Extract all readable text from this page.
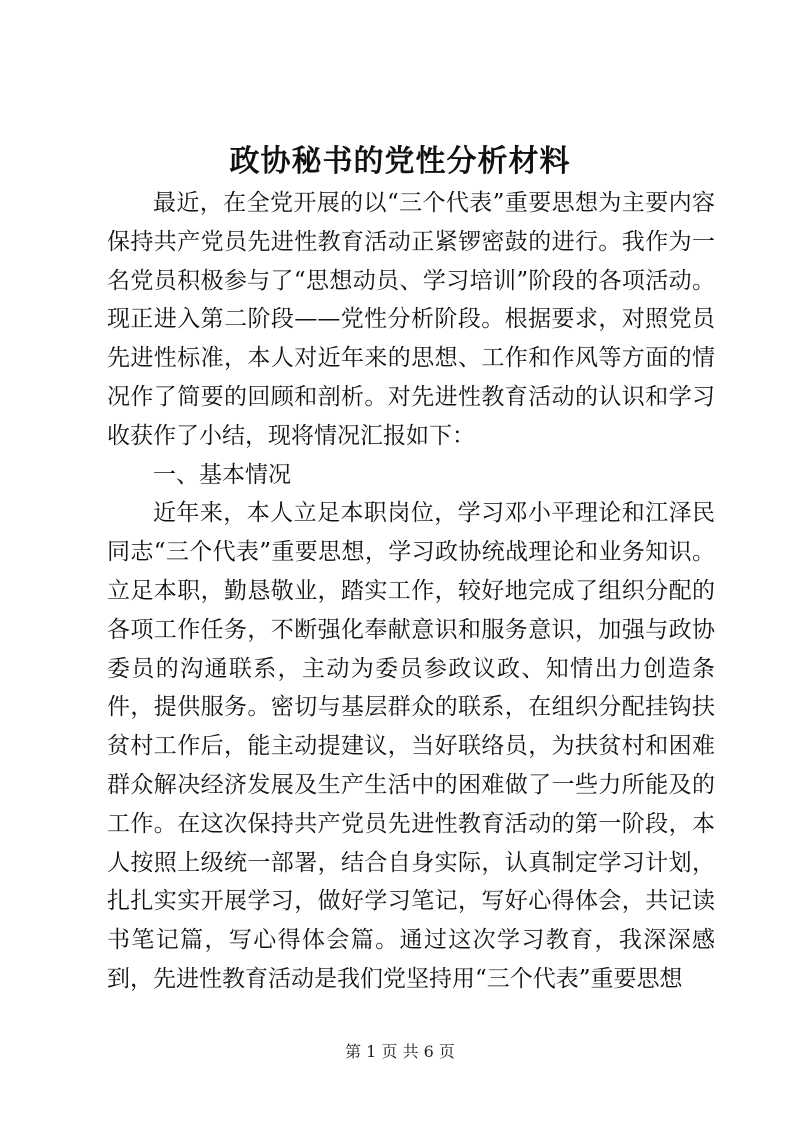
政协秘书的党性分析材料

最近，在全党开展的以“三个代表”重要思想为主要内容保持共产党员先进性教育活动正紧锣密鼓的进行。我作为一名党员积极参与了“思想动员、学习培训”阶段的各项活动。现正进入第二阶段——党性分析阶段。根据要求，对照党员先进性标准，本人对近年来的思想、工作和作风等方面的情况作了简要的回顾和剖析。对先进性教育活动的认识和学习收获作了小结，现将情况汇报如下：

一、基本情况

近年来，本人立足本职岗位，学习邓小平理论和江泽民同志“三个代表”重要思想，学习政协统战理论和业务知识。立足本职，勤恳敬业，踏实工作，较好地完成了组织分配的各项工作任务，不断强化奉献意识和服务意识，加强与政协委员的沟通联系，主动为委员参政议政、知情出力创造条件，提供服务。密切与基层群众的联系，在组织分配挂钩扶贫村工作后，能主动提建议，当好联络员，为扶贫村和困难群众解决经济发展及生产生活中的困难做了一些力所能及的工作。在这次保持共产党员先进性教育活动的第一阶段，本人按照上级统一部署，结合自身实际，认真制定学习计划，扎扎实实开展学习，做好学习笔记，写好心得体会，共记读书笔记篇，写心得体会篇。通过这次学习教育，我深深感到，先进性教育活动是我们党坚持用“三个代表”重要思想

第 1 页 共 6 页
